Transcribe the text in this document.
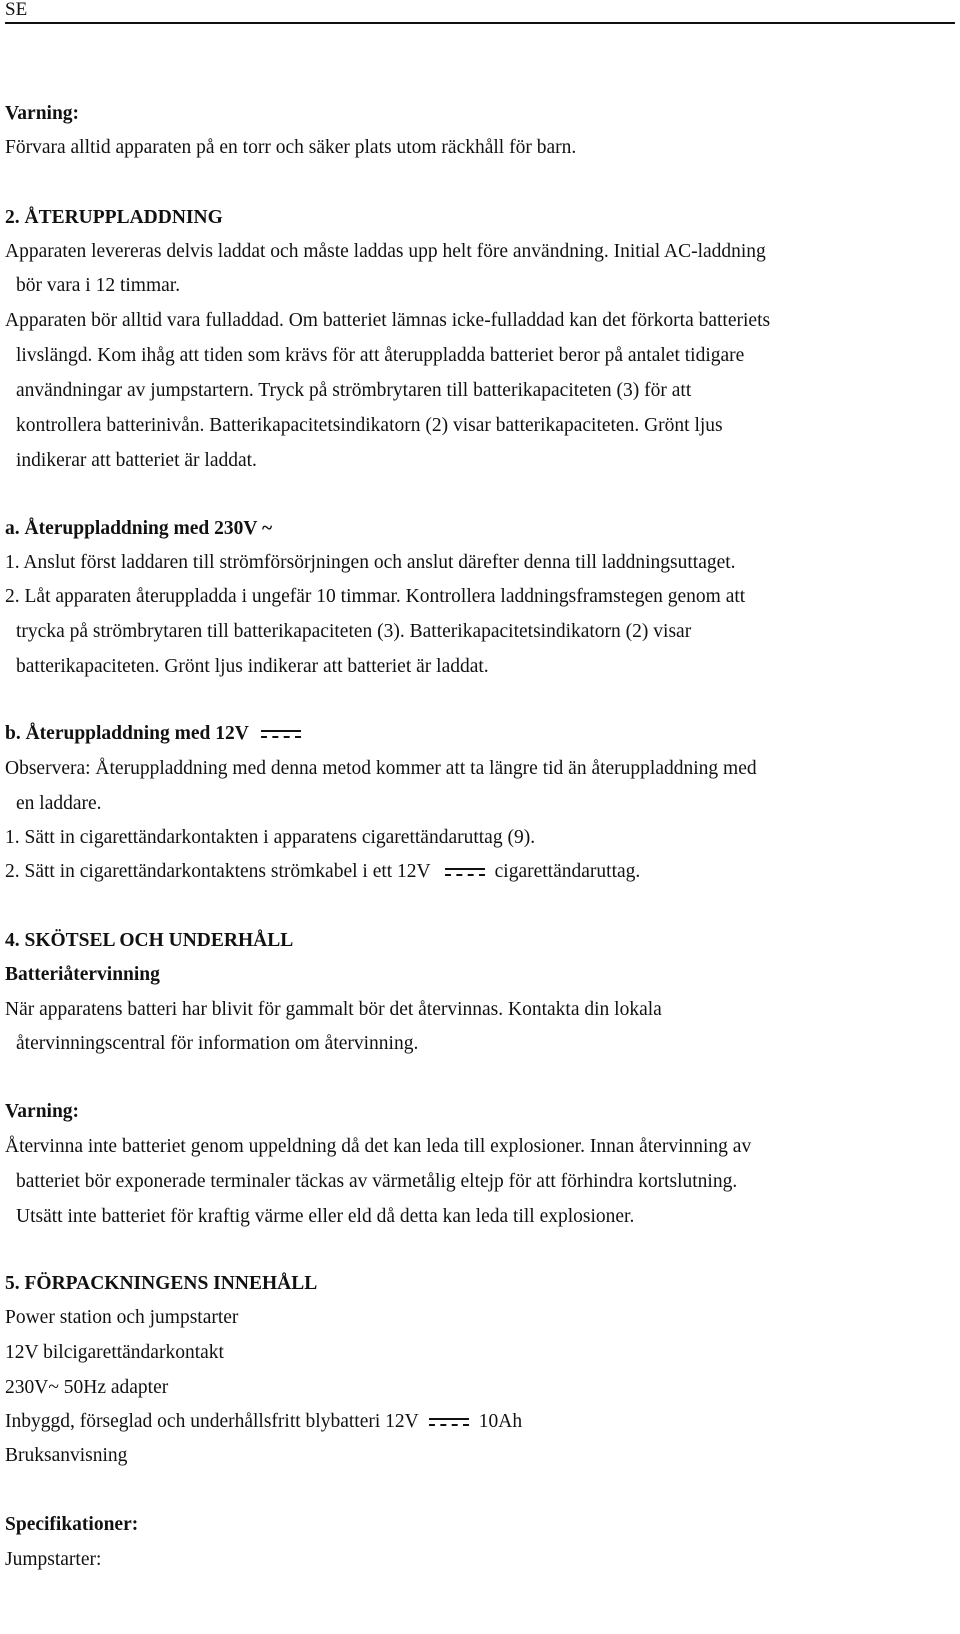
SE
Varning:
Förvara alltid apparaten på en torr och säker plats utom räckhåll för barn.
2. ÅTERUPPLADDNING
Apparaten levereras delvis laddat och måste laddas upp helt före användning. Initial AC-laddning
bör vara i 12 timmar.
Apparaten bör alltid vara fulladdad. Om batteriet lämnas icke-fulladdad kan det förkorta batteriets
livslängd. Kom ihåg att tiden som krävs för att återuppladda batteriet beror på antalet tidigare
användningar av jumpstartern. Tryck på strömbrytaren till batterikapaciteten (3) för att
kontrollera batterinivån. Batterikapacitetsindikatorn (2) visar batterikapaciteten. Grönt ljus
indikerar att batteriet är laddat.
a. Återuppladdning med 230V ~
1. Anslut först laddaren till strömförsörjningen och anslut därefter denna till laddningsuttaget.
2. Låt apparaten återuppladda i ungefär 10 timmar. Kontrollera laddningsframstegen genom att
trycka på strömbrytaren till batterikapaciteten (3). Batterikapacitetsindikatorn (2) visar
batterikapaciteten. Grönt ljus indikerar att batteriet är laddat.
b. Återuppladdning med 12V
Observera: Återuppladdning med denna metod kommer att ta längre tid än återuppladdning med
en laddare.
1. Sätt in cigarettändarkontakten i apparatens cigarettändaruttag (9).
2. Sätt in cigarettändarkontaktens strömkabel i ett 12V	cigarettändaruttag.
4. SKÖTSEL OCH UNDERHÅLL
Batteriåtervinning
När apparatens batteri har blivit för gammalt bör det återvinnas. Kontakta din lokala
återvinningscentral för information om återvinning.
Varning:
Återvinna inte batteriet genom uppeldning då det kan leda till explosioner. Innan återvinning av
batteriet bör exponerade terminaler täckas av värmetålig eltejp för att förhindra kortslutning.
Utsätt inte batteriet för kraftig värme eller eld då detta kan leda till explosioner.
5. FÖRPACKNINGENS INNEHÅLL
Power station och jumpstarter
12V bilcigarettändarkontakt
230V~ 50Hz adapter
Inbyggd, förseglad och underhållsfritt blybatteri 12V	10Ah
Bruksanvisning
Specifikationer:
Jumpstarter:
